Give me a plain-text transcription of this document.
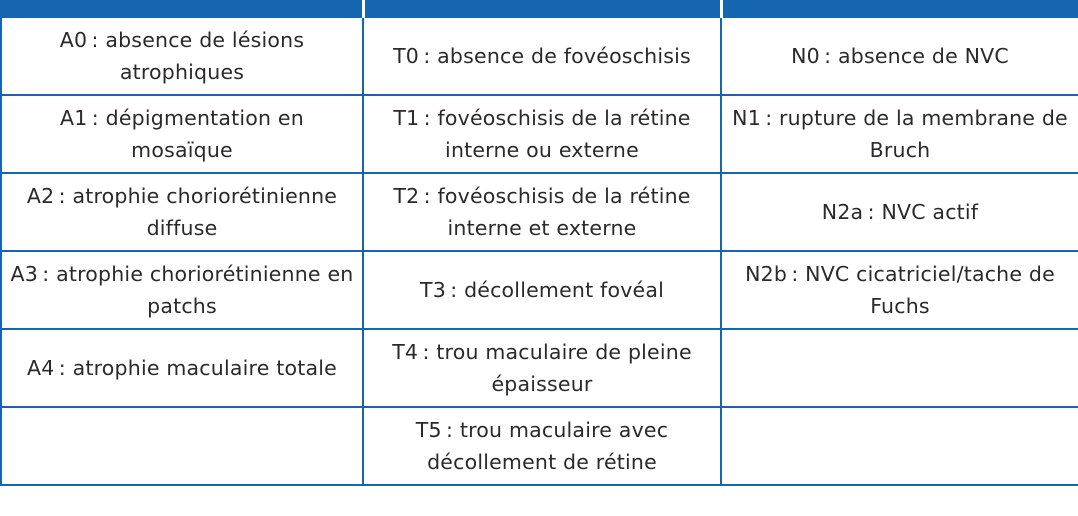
A0 : absence de lésions atrophiques	T0 : absence de fovéoschisis	N0 : absence de NVC
A1 : dépigmentation en mosaïque	T1 : fovéoschisis de la rétine interne ou externe	N1 : rupture de la membrane de Bruch
A2 : atrophie choriorétinienne diffuse	T2 : fovéoschisis de la rétine interne et externe	N2a : NVC actif
A3 : atrophie choriorétinienne en patchs	T3 : décollement fovéal	N2b : NVC cicatriciel/tache de Fuchs
A4 : atrophie maculaire totale	T4 : trou maculaire de pleine épaisseur	
	T5 : trou maculaire avec décollement de rétine	
